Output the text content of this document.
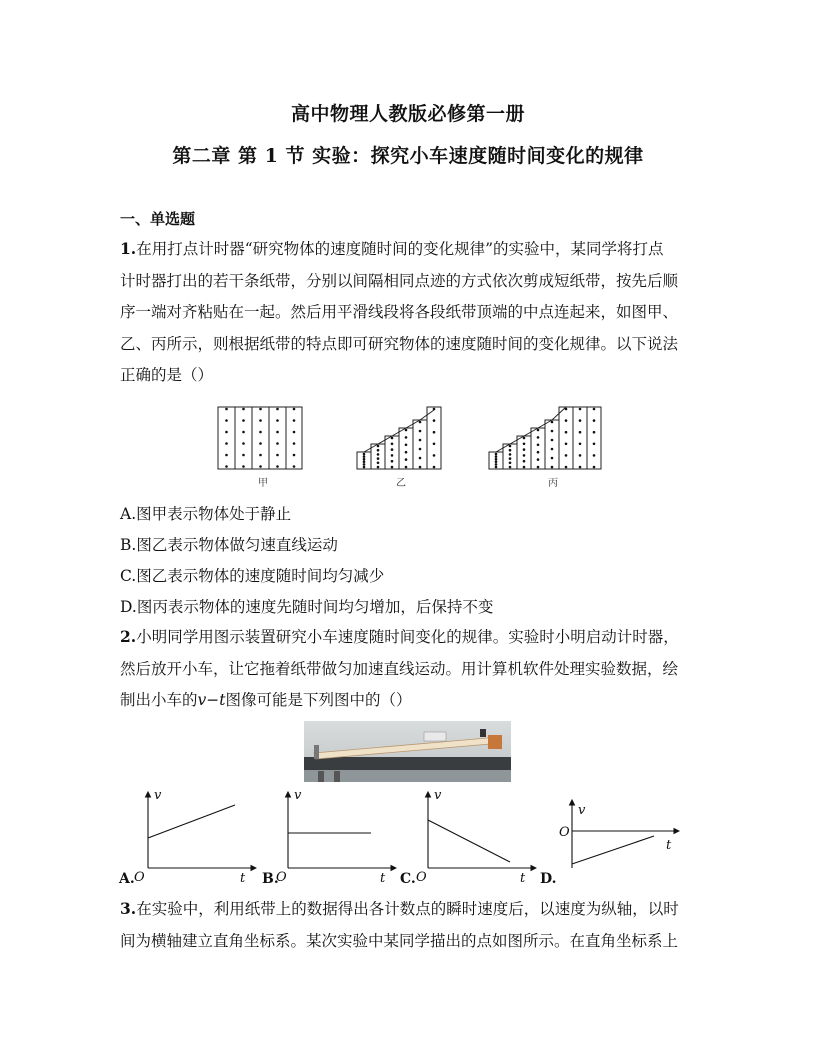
高中物理人教版必修第一册
第二章 第 1 节 实验：探究小车速度随时间变化的规律
一、单选题
1.在用打点计时器“研究物体的速度随时间的变化规律”的实验中，某同学将打点
计时器打出的若干条纸带，分别以间隔相同点迹的方式依次剪成短纸带，按先后顺
序一端对齐粘贴在一起。然后用平滑线段将各段纸带顶端的中点连起来，如图甲、
乙、丙所示，则根据纸带的特点即可研究物体的速度随时间的变化规律。以下说法
正确的是（）
甲	乙	丙
A.图甲表示物体处于静止
B.图乙表示物体做匀速直线运动
C.图乙表示物体的速度随时间均匀减少
D.图丙表示物体的速度先随时间均匀增加，后保持不变
2.小明同学用图示装置研究小车速度随时间变化的规律。实验时小明启动计时器，
然后放开小车，让它拖着纸带做匀加速直线运动。用计算机软件处理实验数据，绘
制出小车的v−t图像可能是下列图中的（）
v
t
O
v
t
O
v
t
O
v
t
O
A.	B.	C.	D.
3.在实验中，利用纸带上的数据得出各计数点的瞬时速度后，以速度为纵轴，以时
间为横轴建立直角坐标系。某次实验中某同学描出的点如图所示。在直角坐标系上
